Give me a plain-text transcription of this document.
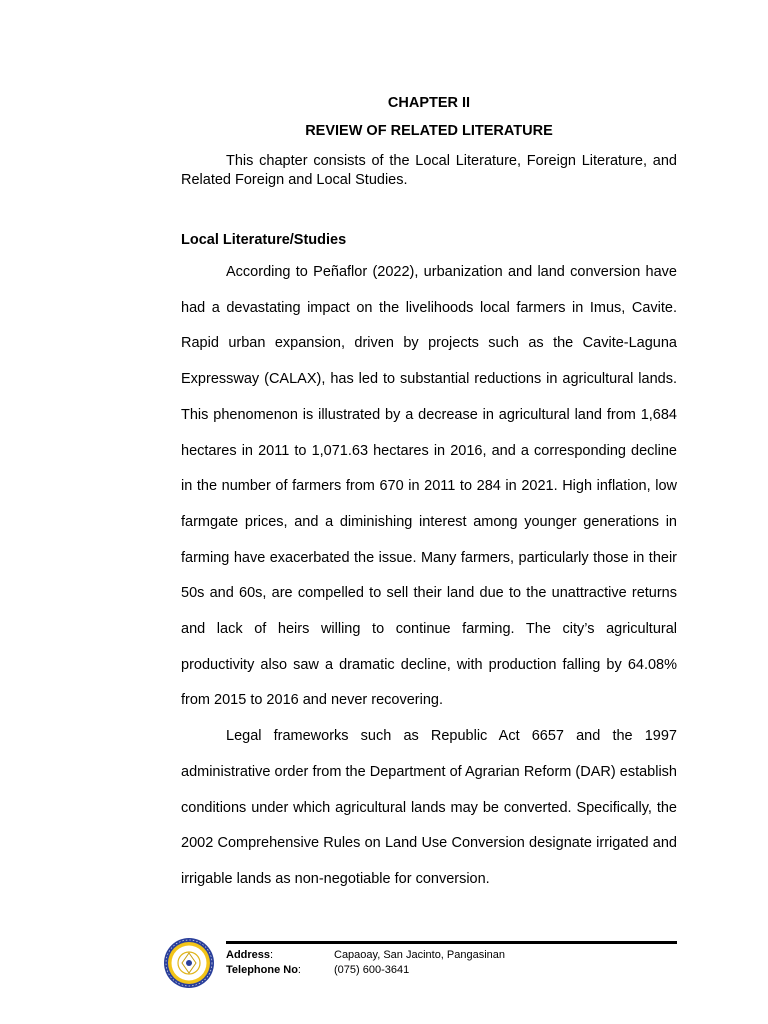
CHAPTER II
REVIEW OF RELATED LITERATURE

This chapter consists of the Local Literature, Foreign Literature, and Related Foreign and Local Studies.

Local Literature/Studies

According to Peñaflor (2022), urbanization and land conversion have had a devastating impact on the livelihoods local farmers in Imus, Cavite. Rapid urban expansion, driven by projects such as the Cavite-Laguna Expressway (CALAX), has led to substantial reductions in agricultural lands. This phenomenon is illustrated by a decrease in agricultural land from 1,684 hectares in 2011 to 1,071.63 hectares in 2016, and a corresponding decline in the number of farmers from 670 in 2011 to 284 in 2021. High inflation, low farmgate prices, and a diminishing interest among younger generations in farming have exacerbated the issue. Many farmers, particularly those in their 50s and 60s, are compelled to sell their land due to the unattractive returns and lack of heirs willing to continue farming. The city’s agricultural productivity also saw a dramatic decline, with production falling by 64.08% from 2015 to 2016 and never recovering.

Legal frameworks such as Republic Act 6657 and the 1997 administrative order from the Department of Agrarian Reform (DAR) establish conditions under which agricultural lands may be converted. Specifically, the 2002 Comprehensive Rules on Land Use Conversion designate irrigated and irrigable lands as non-negotiable for conversion.

Address:	Capaoay, San Jacinto, Pangasinan
Telephone No:	(075) 600-3641
